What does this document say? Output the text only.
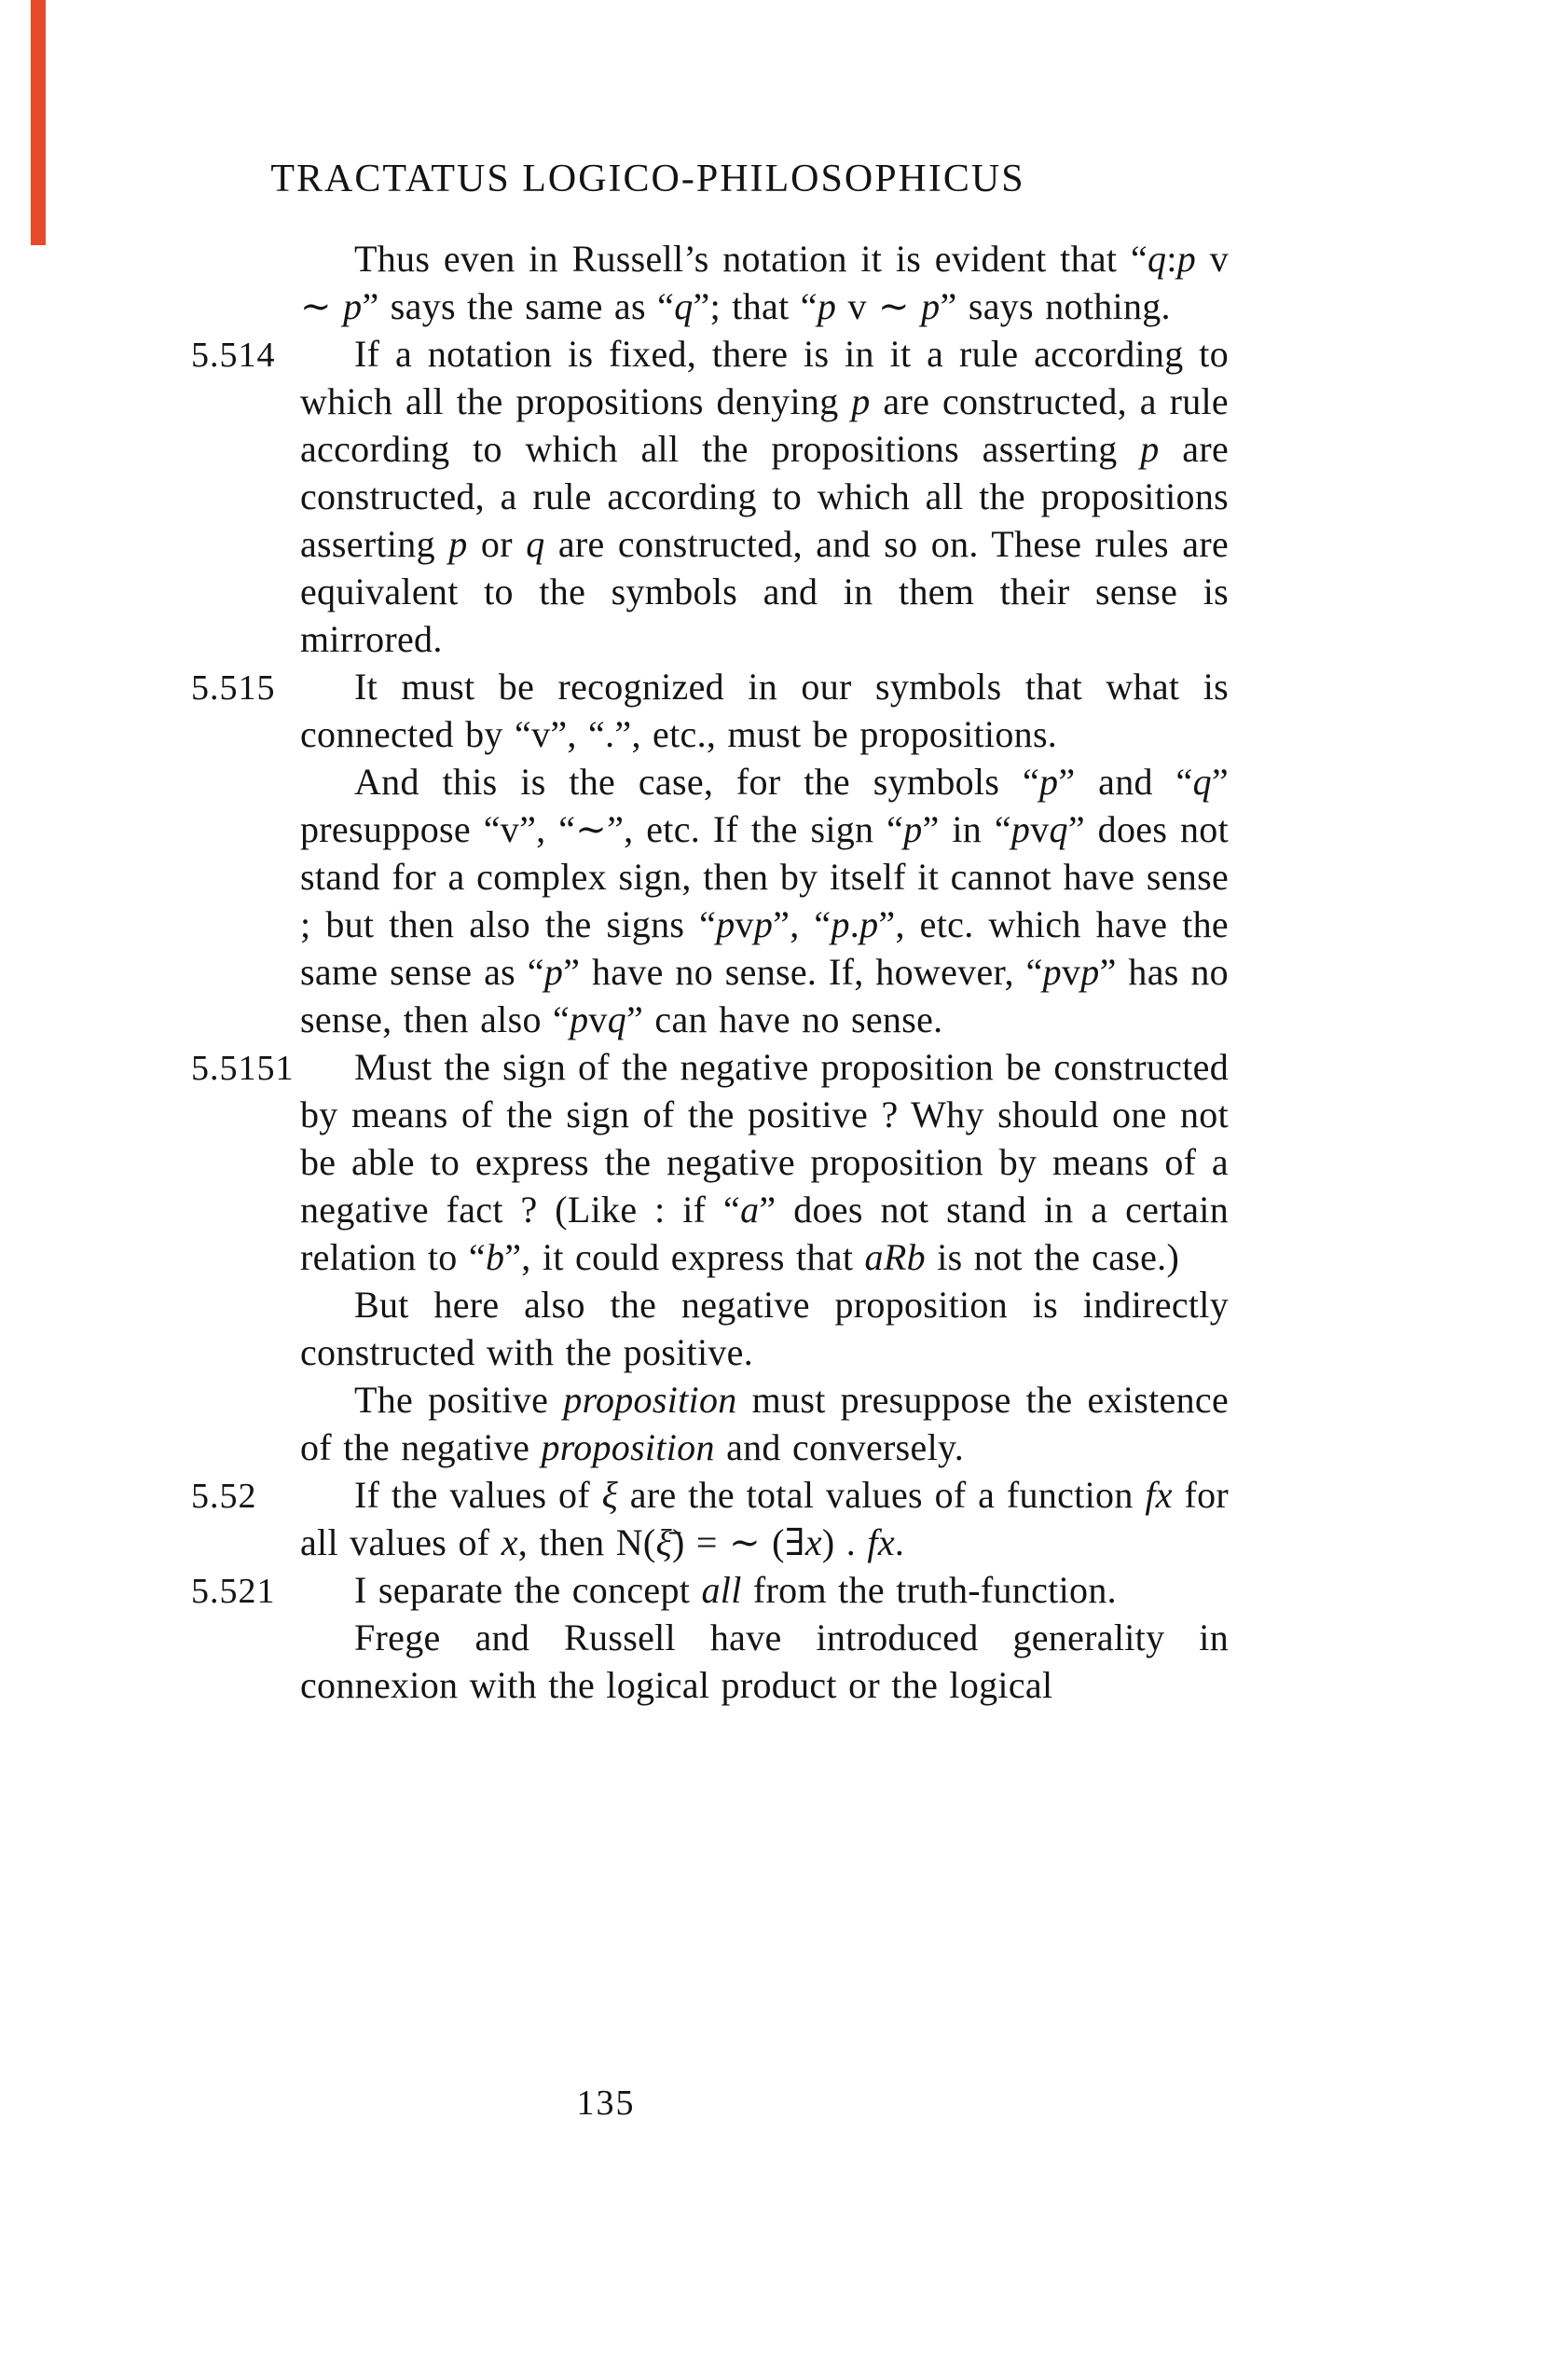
TRACTATUS LOGICO-PHILOSOPHICUS

Thus even in Russell’s notation it is evident that “q:p v ∼ p” says the same as “q”; that “p v ∼ p” says nothing.

5.514	If a notation is fixed, there is in it a rule according to which all the propositions denying p are constructed, a rule according to which all the propositions asserting p are constructed, a rule according to which all the propositions asserting p or q are constructed, and so on. These rules are equivalent to the symbols and in them their sense is mirrored.

5.515	It must be recognized in our symbols that what is connected by “v”, “.”, etc., must be propositions.

And this is the case, for the symbols “p” and “q” presuppose “v”, “∼”, etc. If the sign “p” in “pvq” does not stand for a complex sign, then by itself it cannot have sense ; but then also the signs “pvp”, “p.p”, etc. which have the same sense as “p” have no sense. If, however, “pvp” has no sense, then also “pvq” can have no sense.

5.5151	Must the sign of the negative proposition be constructed by means of the sign of the positive ? Why should one not be able to express the negative proposition by means of a negative fact ? (Like : if “a” does not stand in a certain relation to “b”, it could express that aRb is not the case.)

But here also the negative proposition is indirectly constructed with the positive.

The positive proposition must presuppose the existence of the negative proposition and conversely.

5.52	If the values of ξ are the total values of a function fx for all values of x, then N(ξ̄) = ∼ (∃x) . fx.

5.521	I separate the concept all from the truth-function.

Frege and Russell have introduced generality in connexion with the logical product or the logical

135
